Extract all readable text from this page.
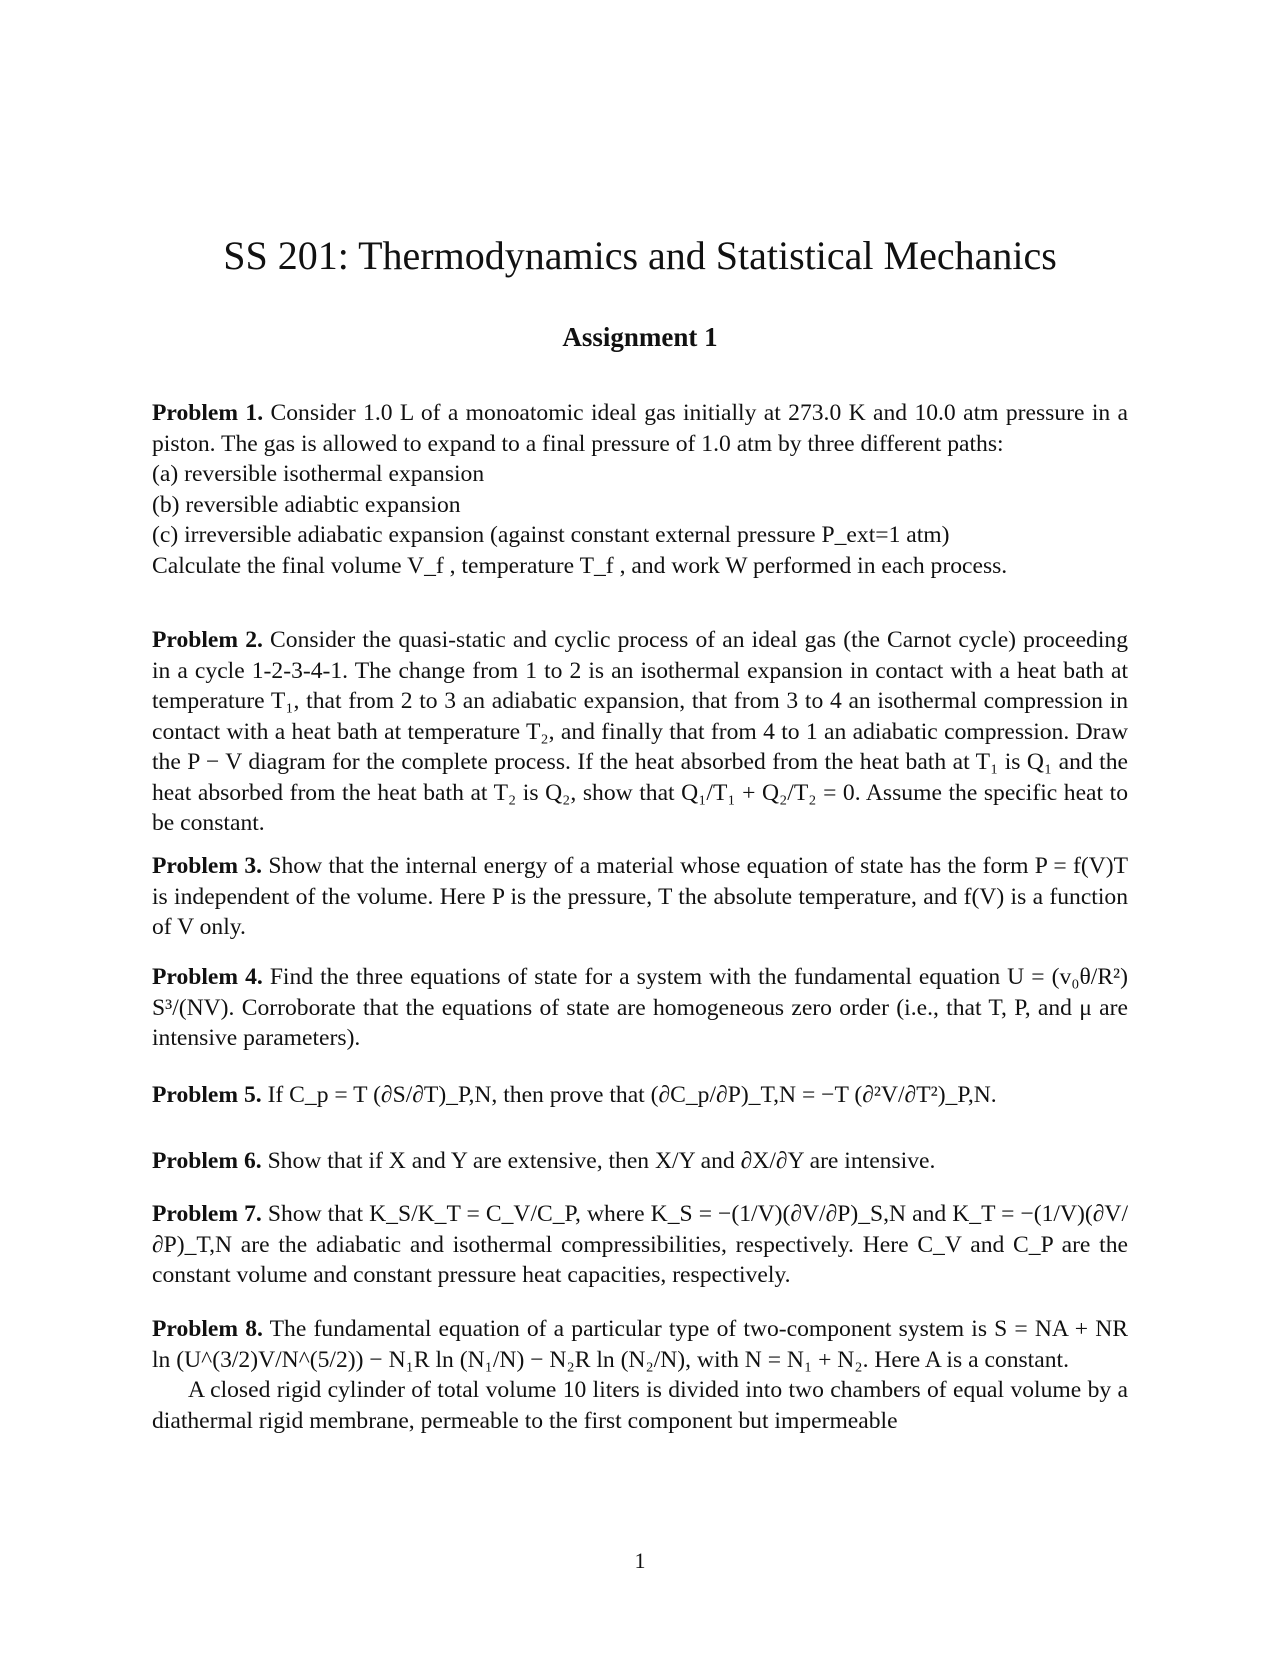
SS 201: Thermodynamics and Statistical Mechanics
Assignment 1
Problem 1. Consider 1.0 L of a monoatomic ideal gas initially at 273.0 K and 10.0 atm pressure in a piston. The gas is allowed to expand to a final pressure of 1.0 atm by three different paths:
(a) reversible isothermal expansion
(b) reversible adiabtic expansion
(c) irreversible adiabatic expansion (against constant external pressure P_ext=1 atm)
Calculate the final volume V_f , temperature T_f , and work W performed in each process.
Problem 2. Consider the quasi-static and cyclic process of an ideal gas (the Carnot cycle) proceeding in a cycle 1-2-3-4-1. The change from 1 to 2 is an isothermal expansion in contact with a heat bath at temperature T₁, that from 2 to 3 an adiabatic expansion, that from 3 to 4 an isothermal compression in contact with a heat bath at temperature T₂, and finally that from 4 to 1 an adiabatic compression. Draw the P − V diagram for the complete process. If the heat absorbed from the heat bath at T₁ is Q₁ and the heat absorbed from the heat bath at T₂ is Q₂, show that Q₁/T₁ + Q₂/T₂ = 0. Assume the specific heat to be constant.
Problem 3. Show that the internal energy of a material whose equation of state has the form P = f(V)T is independent of the volume. Here P is the pressure, T the absolute temperature, and f(V) is a function of V only.
Problem 4. Find the three equations of state for a system with the fundamental equation U = (v₀θ/R²) S³/(NV). Corroborate that the equations of state are homogeneous zero order (i.e., that T, P, and μ are intensive parameters).
Problem 5. If C_p = T (∂S/∂T)_P,N, then prove that (∂C_p/∂P)_T,N = −T (∂²V/∂T²)_P,N.
Problem 6. Show that if X and Y are extensive, then X/Y and ∂X/∂Y are intensive.
Problem 7. Show that K_S/K_T = C_V/C_P, where K_S = −(1/V)(∂V/∂P)_S,N and K_T = −(1/V)(∂V/∂P)_T,N are the adiabatic and isothermal compressibilities, respectively. Here C_V and C_P are the constant volume and constant pressure heat capacities, respectively.
Problem 8. The fundamental equation of a particular type of two-component system is S = NA + NR ln (U^(3/2)V/N^(5/2)) − N₁R ln (N₁/N) − N₂R ln (N₂/N), with N = N₁ + N₂. Here A is a constant.
A closed rigid cylinder of total volume 10 liters is divided into two chambers of equal volume by a diathermal rigid membrane, permeable to the first component but impermeable
1
